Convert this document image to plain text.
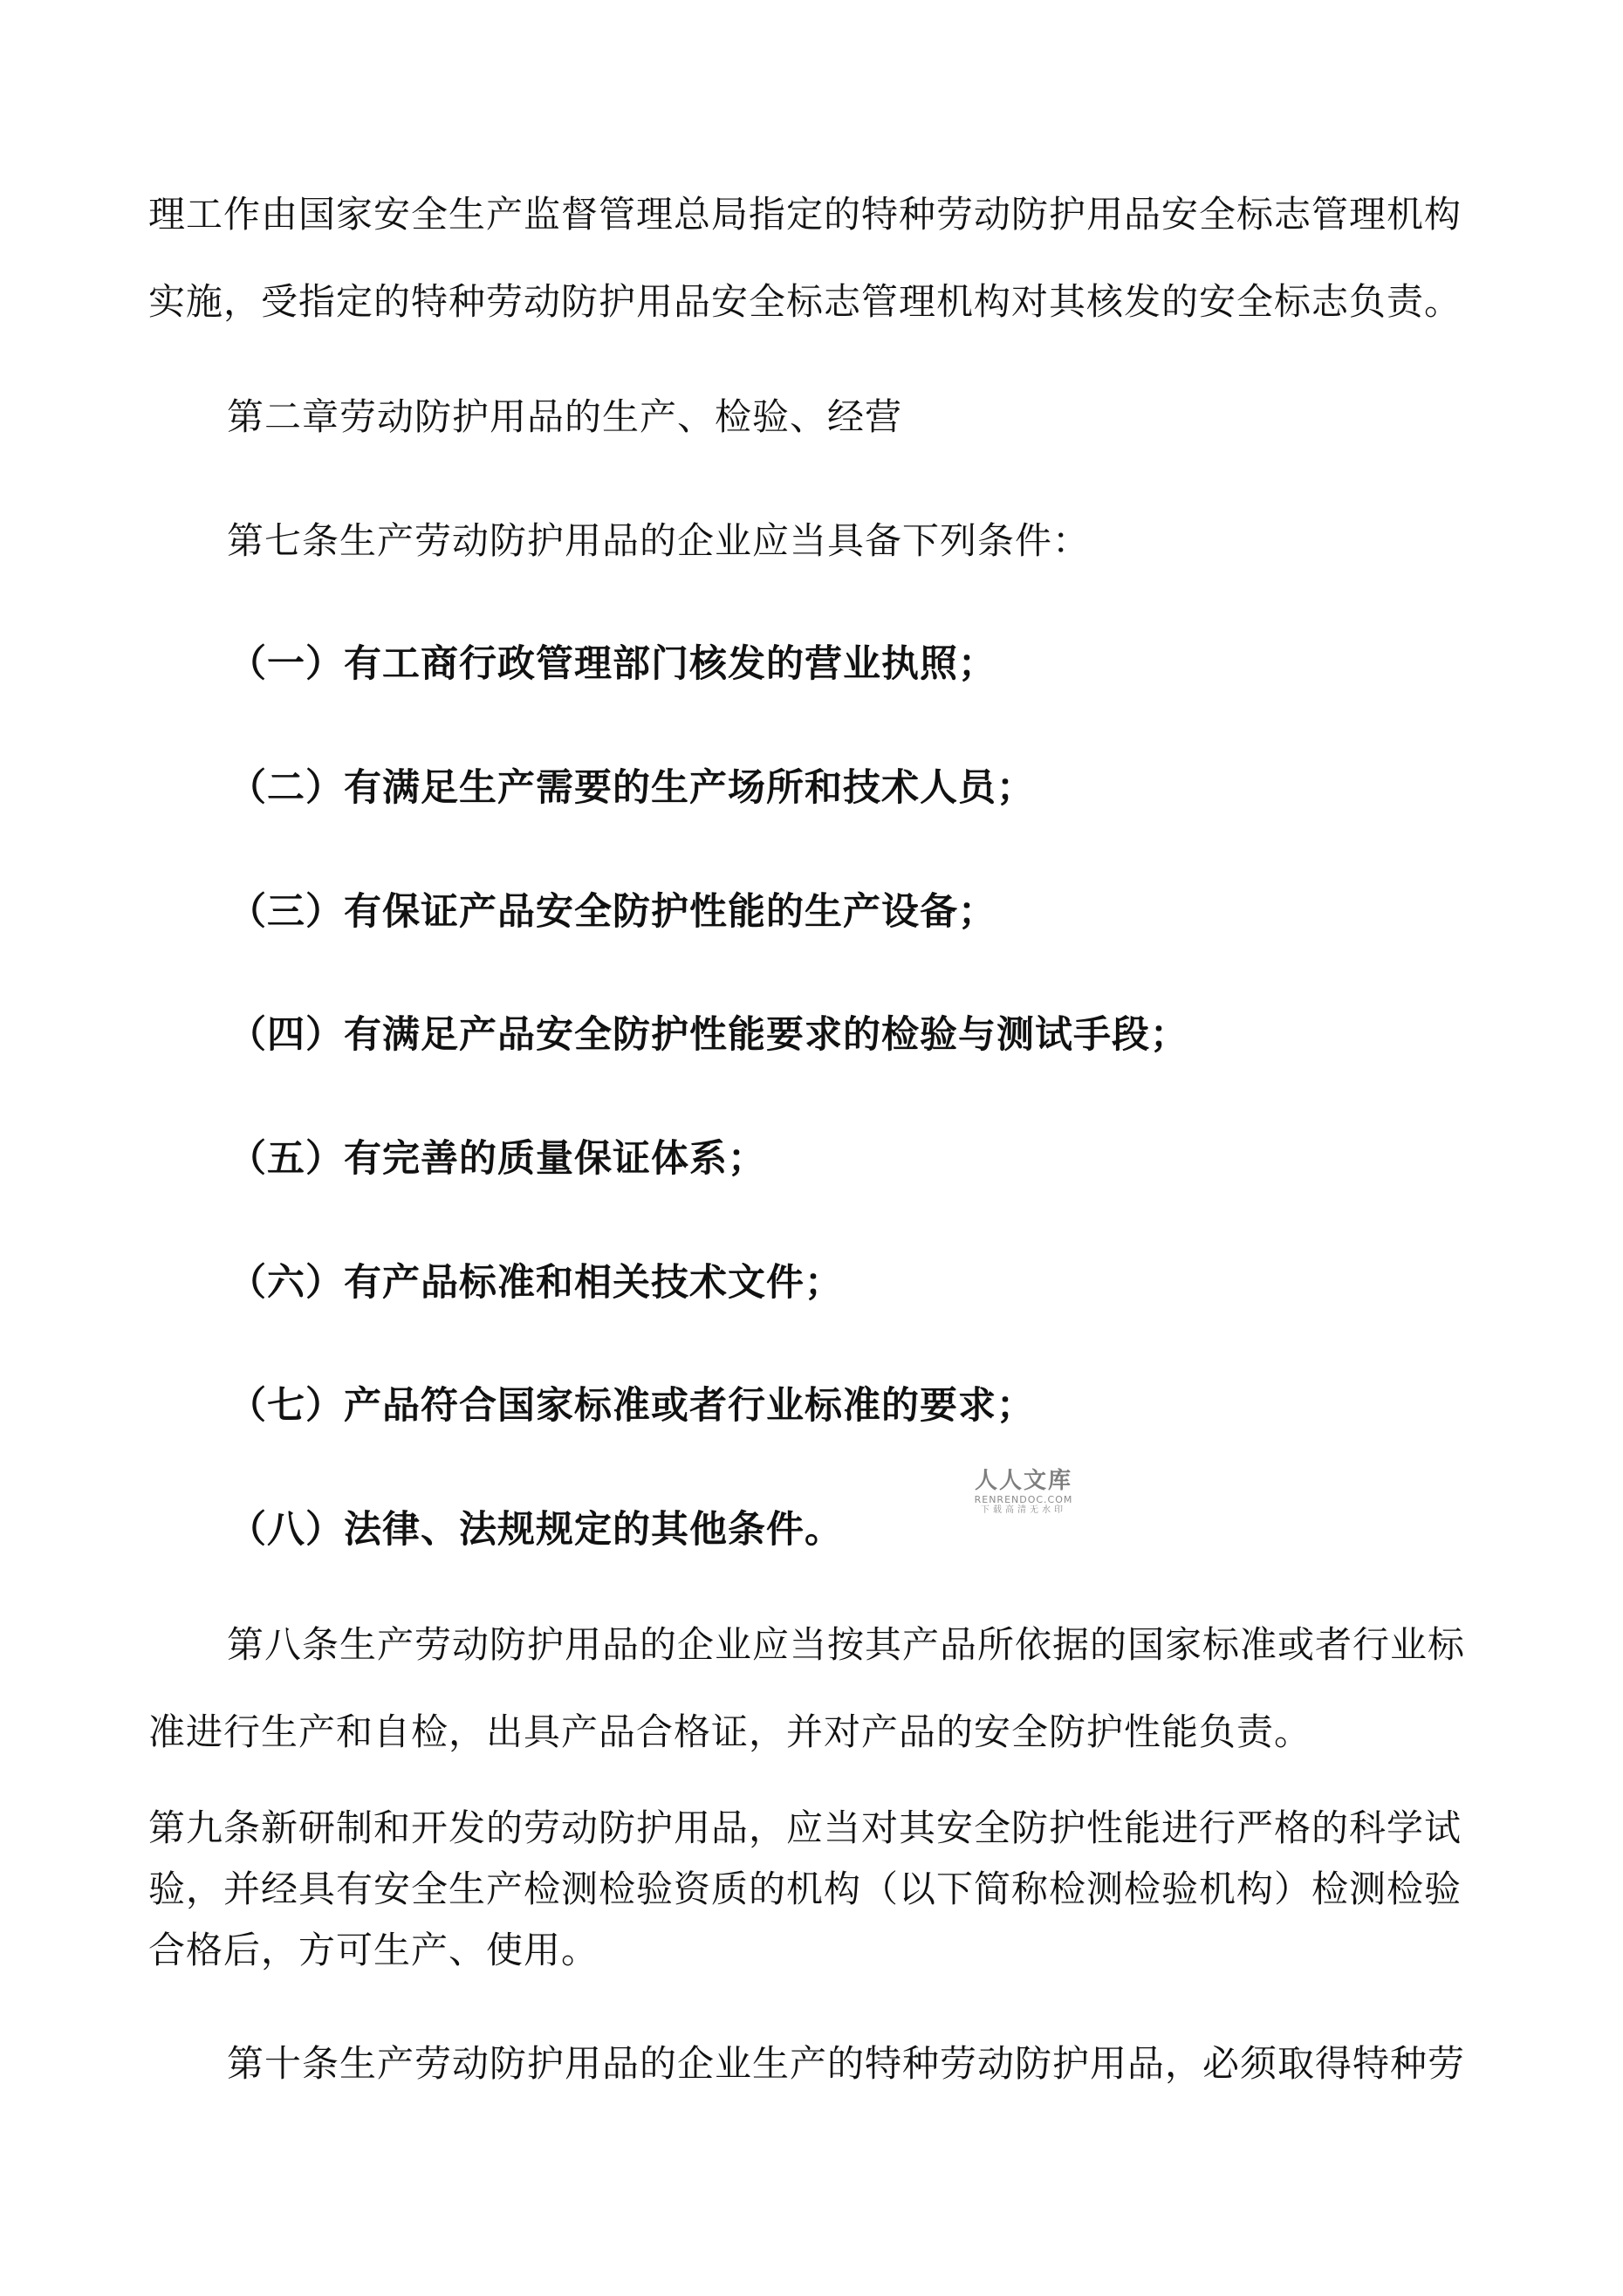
理工作由国家安全生产监督管理总局指定的特种劳动防护用品安全标志管理机构
实施，受指定的特种劳动防护用品安全标志管理机构对其核发的安全标志负责。
第二章劳动防护用品的生产、检验、经营
第七条生产劳动防护用品的企业应当具备下列条件：
（一）有工商行政管理部门核发的营业执照；
（二）有满足生产需要的生产场所和技术人员；
（三）有保证产品安全防护性能的生产设备；
（四）有满足产品安全防护性能要求的检验与测试手段；
（五）有完善的质量保证体系；
（六）有产品标准和相关技术文件；
（七）产品符合国家标准或者行业标准的要求；
（八）法律、法规规定的其他条件。
第八条生产劳动防护用品的企业应当按其产品所依据的国家标准或者行业标
准进行生产和自检，出具产品合格证，并对产品的安全防护性能负责。
第九条新研制和开发的劳动防护用品，应当对其安全防护性能进行严格的科学试
验，并经具有安全生产检测检验资质的机构（以下简称检测检验机构）检测检验
合格后，方可生产、使用。
第十条生产劳动防护用品的企业生产的特种劳动防护用品，必须取得特种劳
人人文库
RENRENDOC.COM
下载高清无水印
